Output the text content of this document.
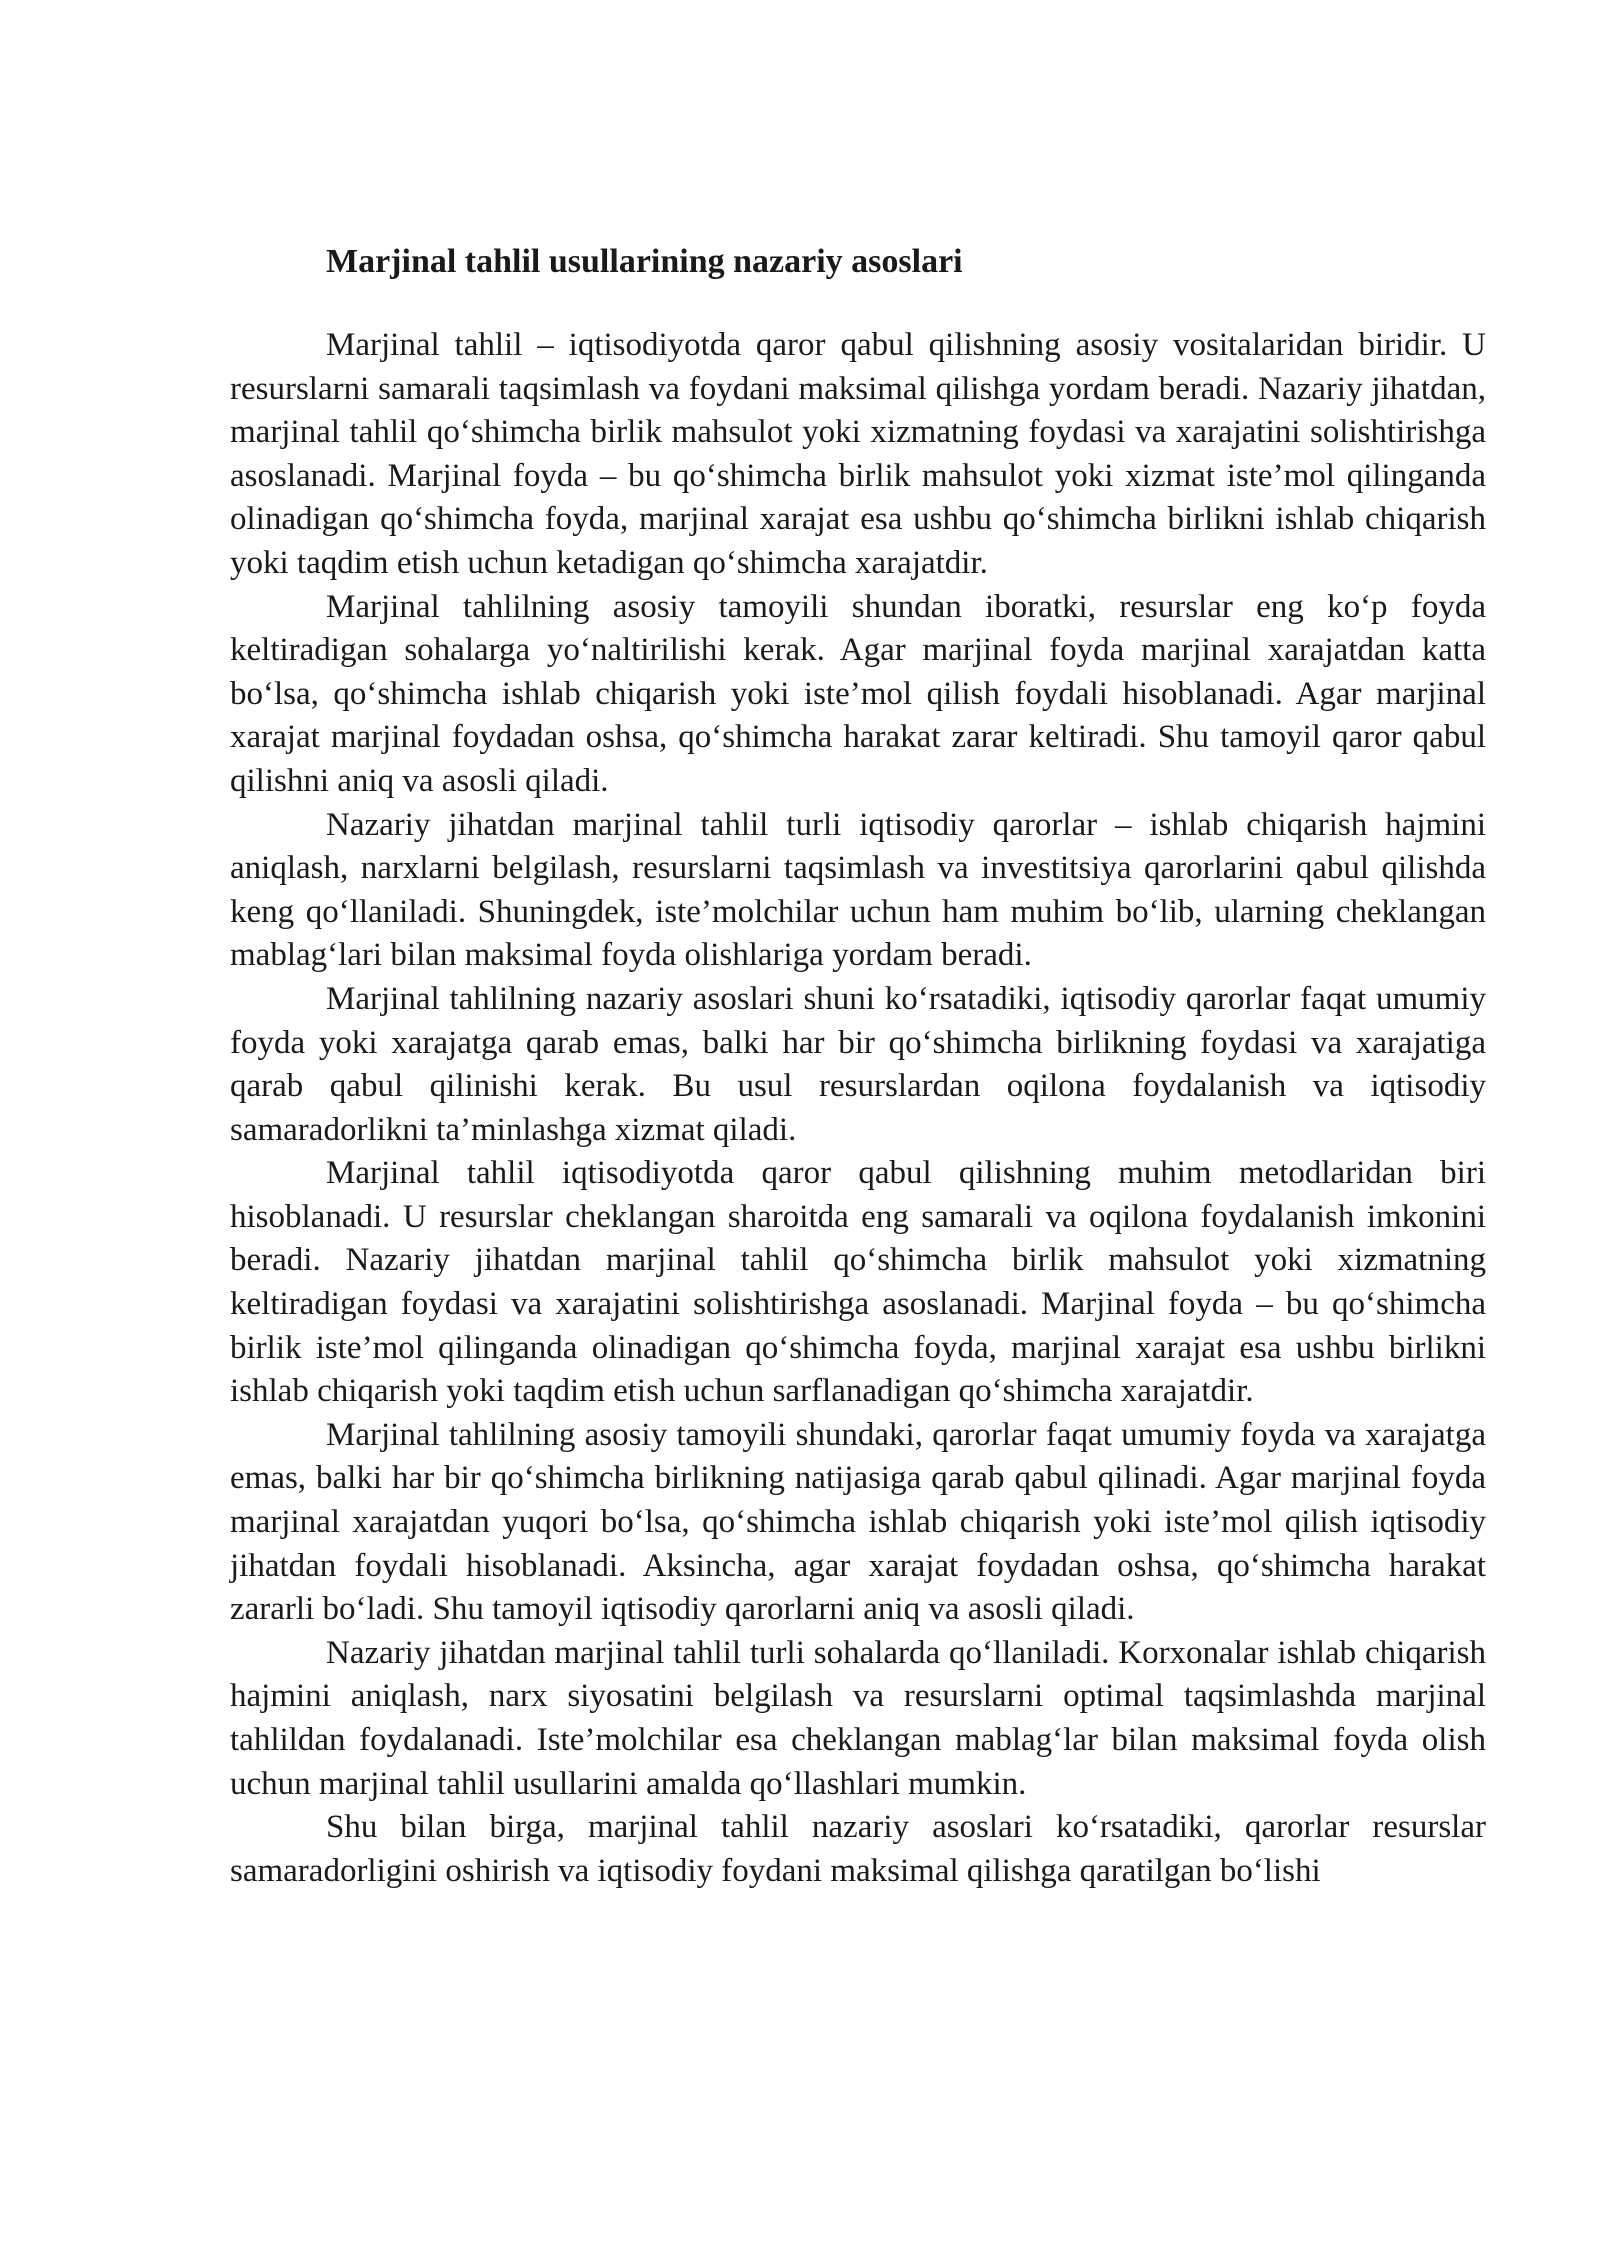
Marjinal tahlil usullarining nazariy asoslari

Marjinal tahlil – iqtisodiyotda qaror qabul qilishning asosiy vositalaridan biridir. U resurslarni samarali taqsimlash va foydani maksimal qilishga yordam beradi. Nazariy jihatdan, marjinal tahlil qo‘shimcha birlik mahsulot yoki xizmatning foydasi va xarajatini solishtirishga asoslanadi. Marjinal foyda – bu qo‘shimcha birlik mahsulot yoki xizmat iste’mol qilinganda olinadigan qo‘shimcha foyda, marjinal xarajat esa ushbu qo‘shimcha birlikni ishlab chiqarish yoki taqdim etish uchun ketadigan qo‘shimcha xarajatdir.

Marjinal tahlilning asosiy tamoyili shundan iboratki, resurslar eng ko‘p foyda keltiradigan sohalarga yo‘naltirilishi kerak. Agar marjinal foyda marjinal xarajatdan katta bo‘lsa, qo‘shimcha ishlab chiqarish yoki iste’mol qilish foydali hisoblanadi. Agar marjinal xarajat marjinal foydadan oshsa, qo‘shimcha harakat zarar keltiradi. Shu tamoyil qaror qabul qilishni aniq va asosli qiladi.

Nazariy jihatdan marjinal tahlil turli iqtisodiy qarorlar – ishlab chiqarish hajmini aniqlash, narxlarni belgilash, resurslarni taqsimlash va investitsiya qarorlarini qabul qilishda keng qo‘llaniladi. Shuningdek, iste’molchilar uchun ham muhim bo‘lib, ularning cheklangan mablag‘lari bilan maksimal foyda olishlariga yordam beradi.

Marjinal tahlilning nazariy asoslari shuni ko‘rsatadiki, iqtisodiy qarorlar faqat umumiy foyda yoki xarajatga qarab emas, balki har bir qo‘shimcha birlikning foydasi va xarajatiga qarab qabul qilinishi kerak. Bu usul resurslardan oqilona foydalanish va iqtisodiy samaradorlikni ta’minlashga xizmat qiladi.

Marjinal tahlil iqtisodiyotda qaror qabul qilishning muhim metodlaridan biri hisoblanadi. U resurslar cheklangan sharoitda eng samarali va oqilona foydalanish imkonini beradi. Nazariy jihatdan marjinal tahlil qo‘shimcha birlik mahsulot yoki xizmatning keltiradigan foydasi va xarajatini solishtirishga asoslanadi. Marjinal foyda – bu qo‘shimcha birlik iste’mol qilinganda olinadigan qo‘shimcha foyda, marjinal xarajat esa ushbu birlikni ishlab chiqarish yoki taqdim etish uchun sarflanadigan qo‘shimcha xarajatdir.

Marjinal tahlilning asosiy tamoyili shundaki, qarorlar faqat umumiy foyda va xarajatga emas, balki har bir qo‘shimcha birlikning natijasiga qarab qabul qilinadi. Agar marjinal foyda marjinal xarajatdan yuqori bo‘lsa, qo‘shimcha ishlab chiqarish yoki iste’mol qilish iqtisodiy jihatdan foydali hisoblanadi. Aksincha, agar xarajat foydadan oshsa, qo‘shimcha harakat zararli bo‘ladi. Shu tamoyil iqtisodiy qarorlarni aniq va asosli qiladi.

Nazariy jihatdan marjinal tahlil turli sohalarda qo‘llaniladi. Korxonalar ishlab chiqarish hajmini aniqlash, narx siyosatini belgilash va resurslarni optimal taqsimlashda marjinal tahlildan foydalanadi. Iste’molchilar esa cheklangan mablag‘lar bilan maksimal foyda olish uchun marjinal tahlil usullarini amalda qo‘llashlari mumkin.

Shu bilan birga, marjinal tahlil nazariy asoslari ko‘rsatadiki, qarorlar resurslar samaradorligini oshirish va iqtisodiy foydani maksimal qilishga qaratilgan bo‘lishi
